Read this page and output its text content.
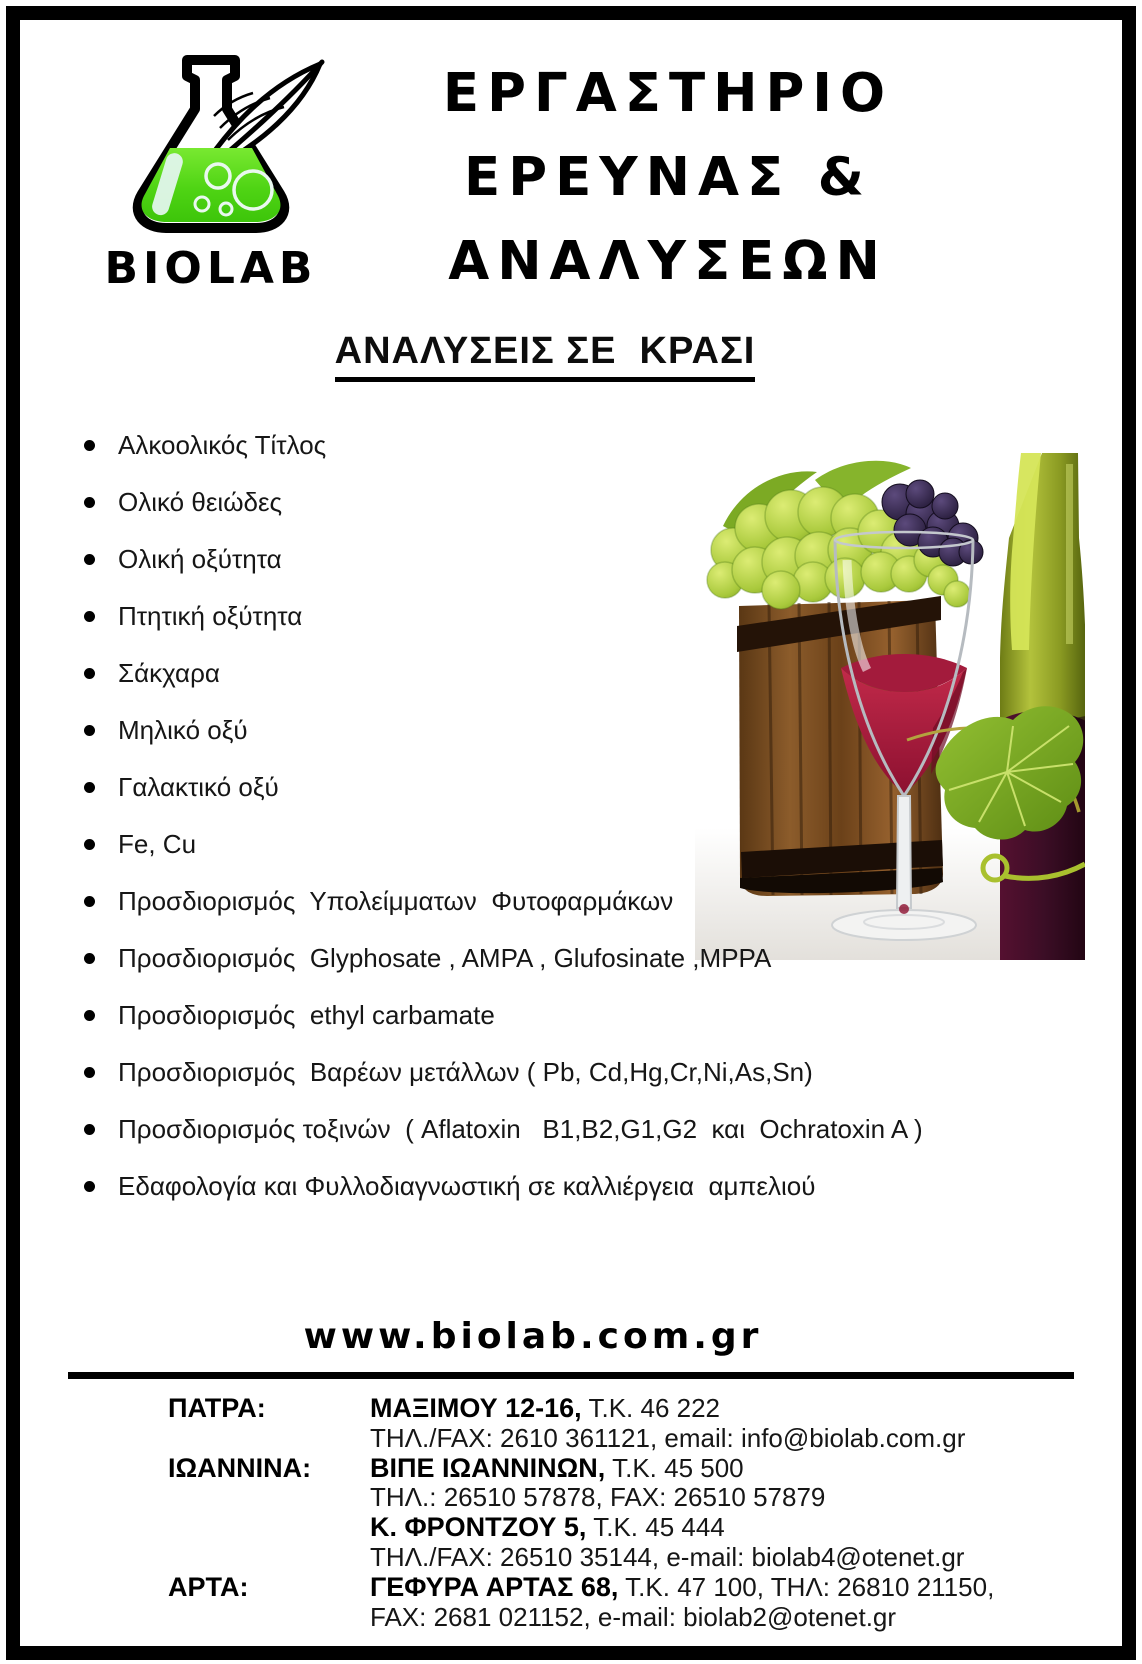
BIOLAB
ΕΡΓΑΣΤΗΡΙΟ
ΕΡΕΥΝΑΣ &
ΑΝΑΛΥΣΕΩΝ
ΑΝΑΛΥΣΕΙΣ ΣΕ  ΚΡΑΣΙ
Αλκοολικός Τίτλος
Ολικό θειώδες
Ολική οξύτητα
Πτητική οξύτητα
Σάκχαρα
Μηλικό οξύ
Γαλακτικό οξύ
Fe, Cu
Προσδιορισμός  Υπολείμματων  Φυτοφαρμάκων
Προσδιορισμός  Glyphosate , AMPA , Glufosinate ,MPPA
Προσδιορισμός  ethyl carbamate
Προσδιορισμός  Βαρέων μετάλλων ( Pb, Cd,Hg,Cr,Ni,As,Sn)
Προσδιορισμός τοξινών  ( Aflatoxin   B1,B2,G1,G2  και  Ochratoxin A )
Εδαφολογία και Φυλλοδιαγνωστική σε καλλιέργεια  αμπελιού
www.biolab.com.gr
ΠΑΤΡΑ:	ΜΑΞΙΜΟΥ 12-16, Τ.Κ. 46 222
ΤΗΛ./FAX: 2610 361121, email: info@biolab.com.gr
ΙΩΑΝΝΙΝΑ:	ΒΙΠΕ ΙΩΑΝΝΙΝΩΝ, Τ.Κ. 45 500
ΤΗΛ.: 26510 57878, FAX: 26510 57879
Κ. ΦΡΟΝΤΖΟΥ 5, Τ.Κ. 45 444
ΤΗΛ./FAX: 26510 35144, e-mail: biolab4@otenet.gr
ΑΡΤΑ:	ΓΕΦΥΡΑ ΑΡΤΑΣ 68, Τ.Κ. 47 100, ΤΗΛ: 26810 21150,
FAX: 2681 021152, e-mail: biolab2@otenet.gr
